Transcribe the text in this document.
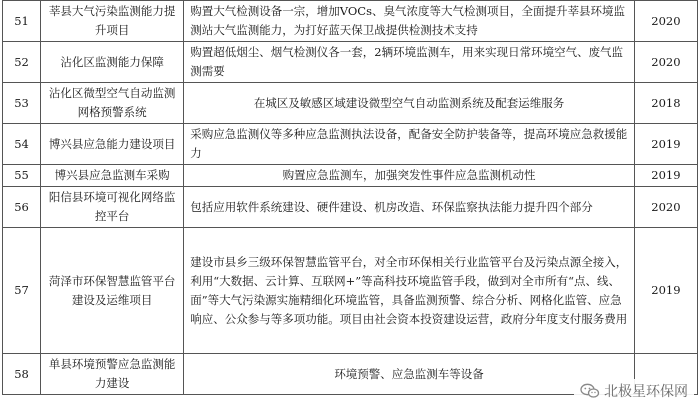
51	莘县大气污染监测能力提升项目	购置大气检测设备一宗，增加VOCs、臭气浓度等大气检测项目，全面提升莘县环境监测站大气监测能力，为打好蓝天保卫战提供检测技术支持	2020
52	沾化区监测能力保障	购置超低烟尘、烟气检测仪各一套，2辆环境监测车，用来实现日常环境空气、废气监测需要	2020
53	沾化区微型空气自动监测网格预警系统	在城区及敏感区域建设微型空气自动监测系统及配套运维服务	2018
54	博兴县应急能力建设项目	采购应急监测仪等多种应急监测执法设备，配备安全防护装备等，提高环境应急救援能力	2019
55	博兴县应急监测车采购	购置应急监测车，加强突发性事件应急监测机动性	2019
56	阳信县环境可视化网络监控平台	包括应用软件系统建设、硬件建设、机房改造、环保监察执法能力提升四个部分	2020
57	菏泽市环保智慧监管平台建设及运维项目	建设市县乡三级环保智慧监管平台，对全市环保相关行业监管平台及污染点源全接入，利用“大数据、云计算、互联网+”等高科技环境监管手段，做到对全市所有“点、线、面”等大气污染源实施精细化环境监管，具备监测预警、综合分析、网格化监管、应急响应、公众参与等多项功能。项目由社会资本投资建设运营，政府分年度支付服务费用	2019
58	单县环境预警应急监测能力建设	环境预警、应急监测车等设备	
北极星环保网
